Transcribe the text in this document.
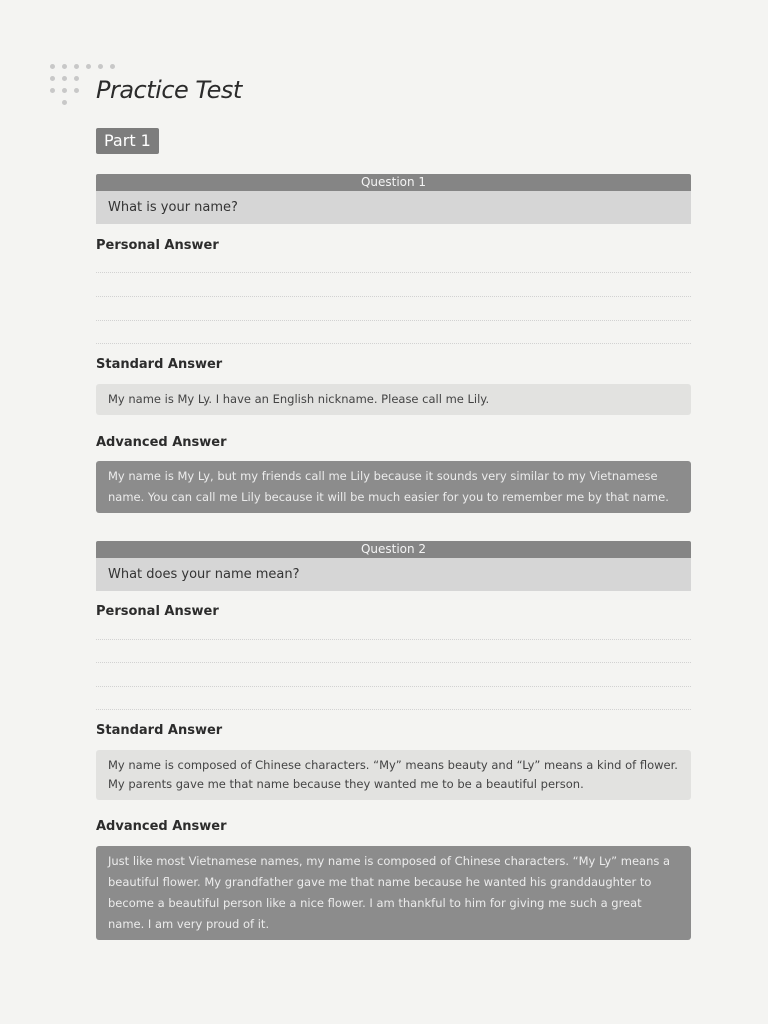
Practice Test
Part 1
Question 1
What is your name?
Personal Answer
Standard Answer
My name is My Ly. I have an English nickname. Please call me Lily.
Advanced Answer
My name is My Ly, but my friends call me Lily because it sounds very similar to my Vietnamese name. You can call me Lily because it will be much easier for you to remember me by that name.
Question 2
What does your name mean?
Personal Answer
Standard Answer
My name is composed of Chinese characters. “My” means beauty and “Ly” means a kind of flower. My parents gave me that name because they wanted me to be a beautiful person.
Advanced Answer
Just like most Vietnamese names, my name is composed of Chinese characters. “My Ly” means a beautiful flower. My grandfather gave me that name because he wanted his granddaughter to become a beautiful person like a nice flower. I am thankful to him for giving me such a great name. I am very proud of it.
